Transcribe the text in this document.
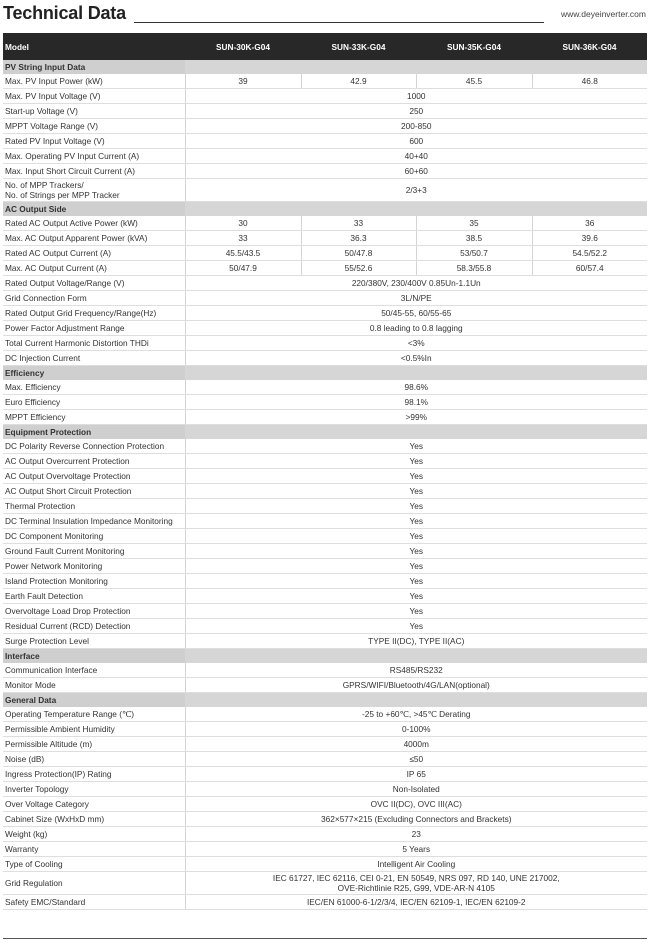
Technical Data	www.deyeinverter.com
Model	SUN-30K-G04	SUN-33K-G04	SUN-35K-G04	SUN-36K-G04
PV String Input Data				
Max. PV Input Power (kW)	39	42.9	45.5	46.8
Max. PV Input Voltage (V)	1000			
Start-up Voltage (V)	250			
MPPT Voltage Range (V)	200-850			
Rated PV Input Voltage (V)	600			
Max. Operating PV Input Current (A)	40+40			
Max. Input Short Circuit Current (A)	60+60			
No. of MPP Trackers/
No. of Strings per MPP Tracker	2/3+3			
AC Output Side				
Rated AC Output Active Power (kW)	30	33	35	36
Max. AC Output Apparent Power (kVA)	33	36.3	38.5	39.6
Rated AC Output Current (A)	45.5/43.5	50/47.8	53/50.7	54.5/52.2
Max. AC Output Current (A)	50/47.9	55/52.6	58.3/55.8	60/57.4
Rated Output Voltage/Range (V)	220/380V, 230/400V 0.85Un-1.1Un			
Grid Connection Form	3L/N/PE			
Rated Output Grid Frequency/Range(Hz)	50/45-55, 60/55-65			
Power Factor Adjustment Range	0.8 leading to 0.8 lagging			
Total Current Harmonic Distortion THDi	<3%			
DC Injection Current	<0.5%In			
Efficiency				
Max. Efficiency	98.6%			
Euro Efficiency	98.1%			
MPPT Efficiency	>99%			
Equipment Protection				
DC Polarity Reverse Connection Protection	Yes			
AC Output Overcurrent Protection	Yes			
AC Output Overvoltage Protection	Yes			
AC Output Short Circuit Protection	Yes			
Thermal Protection	Yes			
DC Terminal Insulation Impedance Monitoring	Yes			
DC Component Monitoring	Yes			
Ground Fault Current Monitoring	Yes			
Power Network Monitoring	Yes			
Island Protection Monitoring	Yes			
Earth Fault Detection	Yes			
Overvoltage Load Drop Protection	Yes			
Residual Current (RCD) Detection	Yes			
Surge Protection Level	TYPE II(DC), TYPE II(AC)			
Interface				
Communication Interface	RS485/RS232			
Monitor Mode	GPRS/WIFI/Bluetooth/4G/LAN(optional)			
General Data				
Operating Temperature Range (℃)	-25 to +60℃, >45℃ Derating			
Permissible Ambient Humidity	0-100%			
Permissible Altitude (m)	4000m			
Noise (dB)	≤50			
Ingress Protection(IP) Rating	IP 65			
Inverter Topology	Non-Isolated			
Over Voltage Category	OVC II(DC), OVC III(AC)			
Cabinet Size (WxHxD mm)	362×577×215 (Excluding Connectors and Brackets)			
Weight (kg)	23			
Warranty	5 Years			
Type of Cooling	Intelligent Air Cooling			
Grid Regulation	IEC 61727, IEC 62116, CEI 0-21, EN 50549, NRS 097, RD 140, UNE 217002,
OVE-Richtlinie R25, G99, VDE-AR-N 4105			
Safety EMC/Standard	IEC/EN 61000-6-1/2/3/4, IEC/EN 62109-1, IEC/EN 62109-2			
